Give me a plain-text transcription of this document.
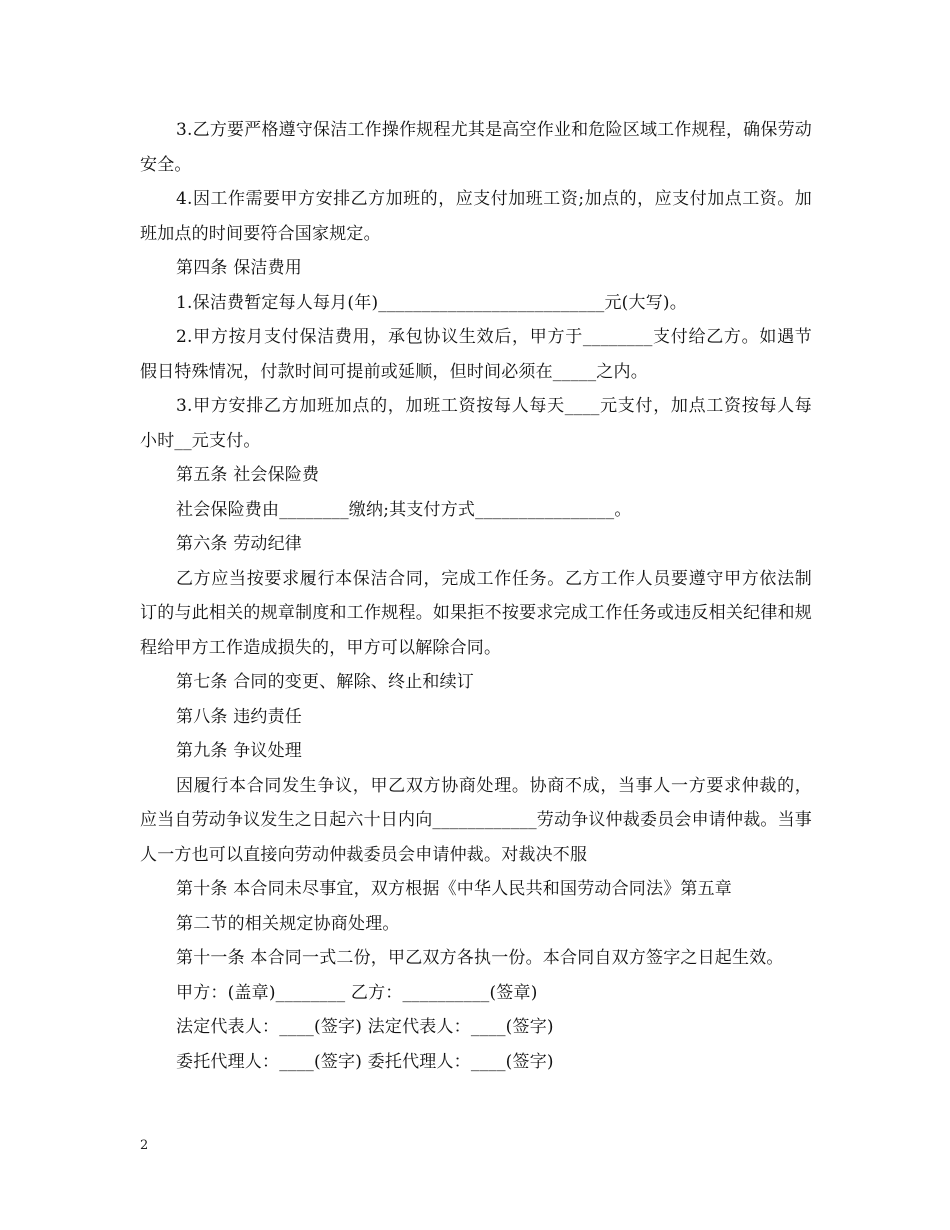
3.乙方要严格遵守保洁工作操作规程尤其是高空作业和危险区域工作规程，确保劳动安全。

4.因工作需要甲方安排乙方加班的，应支付加班工资;加点的，应支付加点工资。加班加点的时间要符合国家规定。

第四条 保洁费用

1.保洁费暂定每人每月(年)__________________________元(大写)。

2.甲方按月支付保洁费用，承包协议生效后，甲方于________支付给乙方。如遇节假日特殊情况，付款时间可提前或延顺，但时间必须在_____之内。

3.甲方安排乙方加班加点的，加班工资按每人每天____元支付，加点工资按每人每小时__元支付。

第五条 社会保险费

社会保险费由________缴纳;其支付方式________________。

第六条 劳动纪律

乙方应当按要求履行本保洁合同，完成工作任务。乙方工作人员要遵守甲方依法制订的与此相关的规章制度和工作规程。如果拒不按要求完成工作任务或违反相关纪律和规程给甲方工作造成损失的，甲方可以解除合同。

第七条 合同的变更、解除、终止和续订

第八条 违约责任

第九条 争议处理

因履行本合同发生争议，甲乙双方协商处理。协商不成，当事人一方要求仲裁的，应当自劳动争议发生之日起六十日内向____________劳动争议仲裁委员会申请仲裁。当事人一方也可以直接向劳动仲裁委员会申请仲裁。对裁决不服

第十条 本合同未尽事宜，双方根据《中华人民共和国劳动合同法》第五章

第二节的相关规定协商处理。

第十一条 本合同一式二份，甲乙双方各执一份。本合同自双方签字之日起生效。

甲方：(盖章)________ 乙方：__________(签章)

法定代表人：____(签字) 法定代表人：____(签字)

委托代理人：____(签字) 委托代理人：____(签字)

2
